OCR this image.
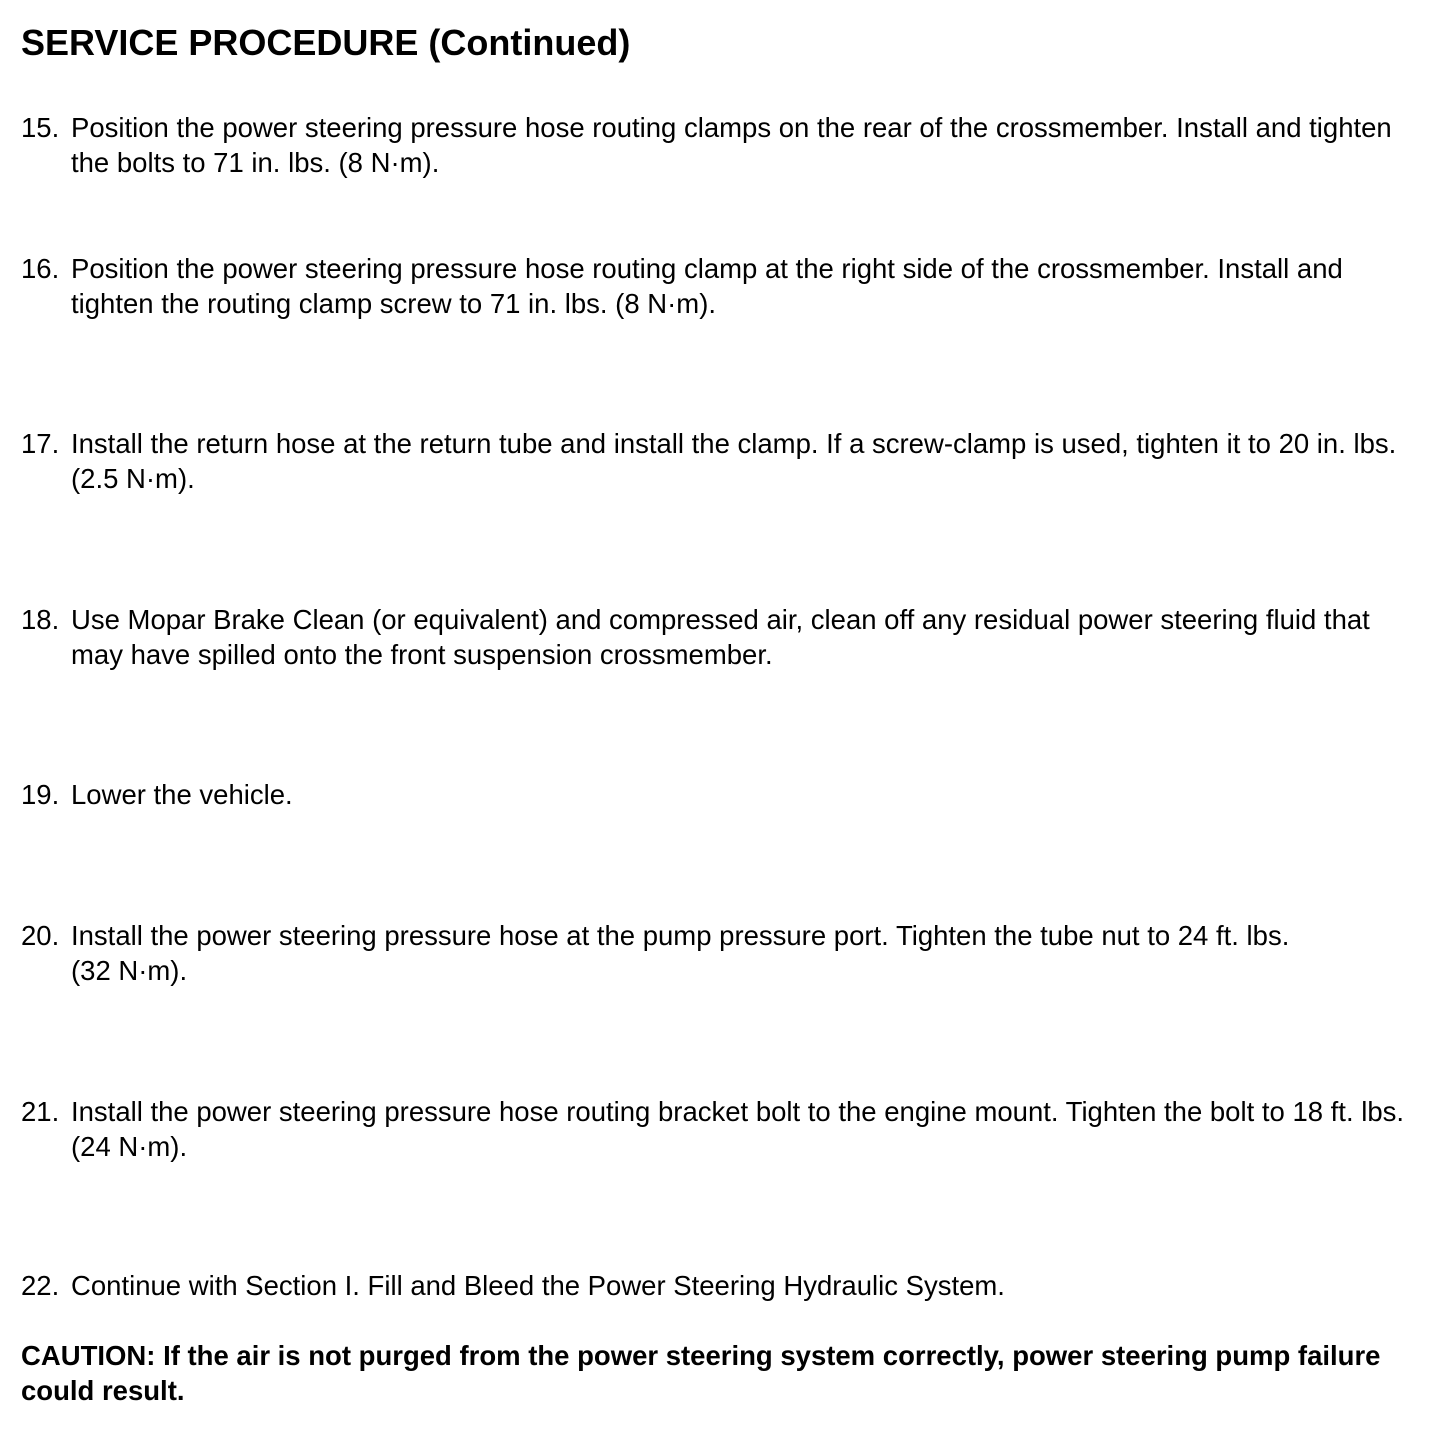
SERVICE PROCEDURE (Continued)
15. Position the power steering pressure hose routing clamps on the rear of the crossmember. Install and tighten the bolts to 71 in. lbs. (8 N·m).
16. Position the power steering pressure hose routing clamp at the right side of the crossmember. Install and tighten the routing clamp screw to 71 in. lbs. (8 N·m).
17. Install the return hose at the return tube and install the clamp. If a screw-clamp is used, tighten it to 20 in. lbs. (2.5 N·m).
18. Use Mopar Brake Clean (or equivalent) and compressed air, clean off any residual power steering fluid that may have spilled onto the front suspension crossmember.
19. Lower the vehicle.
20. Install the power steering pressure hose at the pump pressure port. Tighten the tube nut to 24 ft. lbs. (32 N·m).
21. Install the power steering pressure hose routing bracket bolt to the engine mount. Tighten the bolt to 18 ft. lbs. (24 N·m).
22. Continue with Section I. Fill and Bleed the Power Steering Hydraulic System.
CAUTION: If the air is not purged from the power steering system correctly, power steering pump failure could result.
